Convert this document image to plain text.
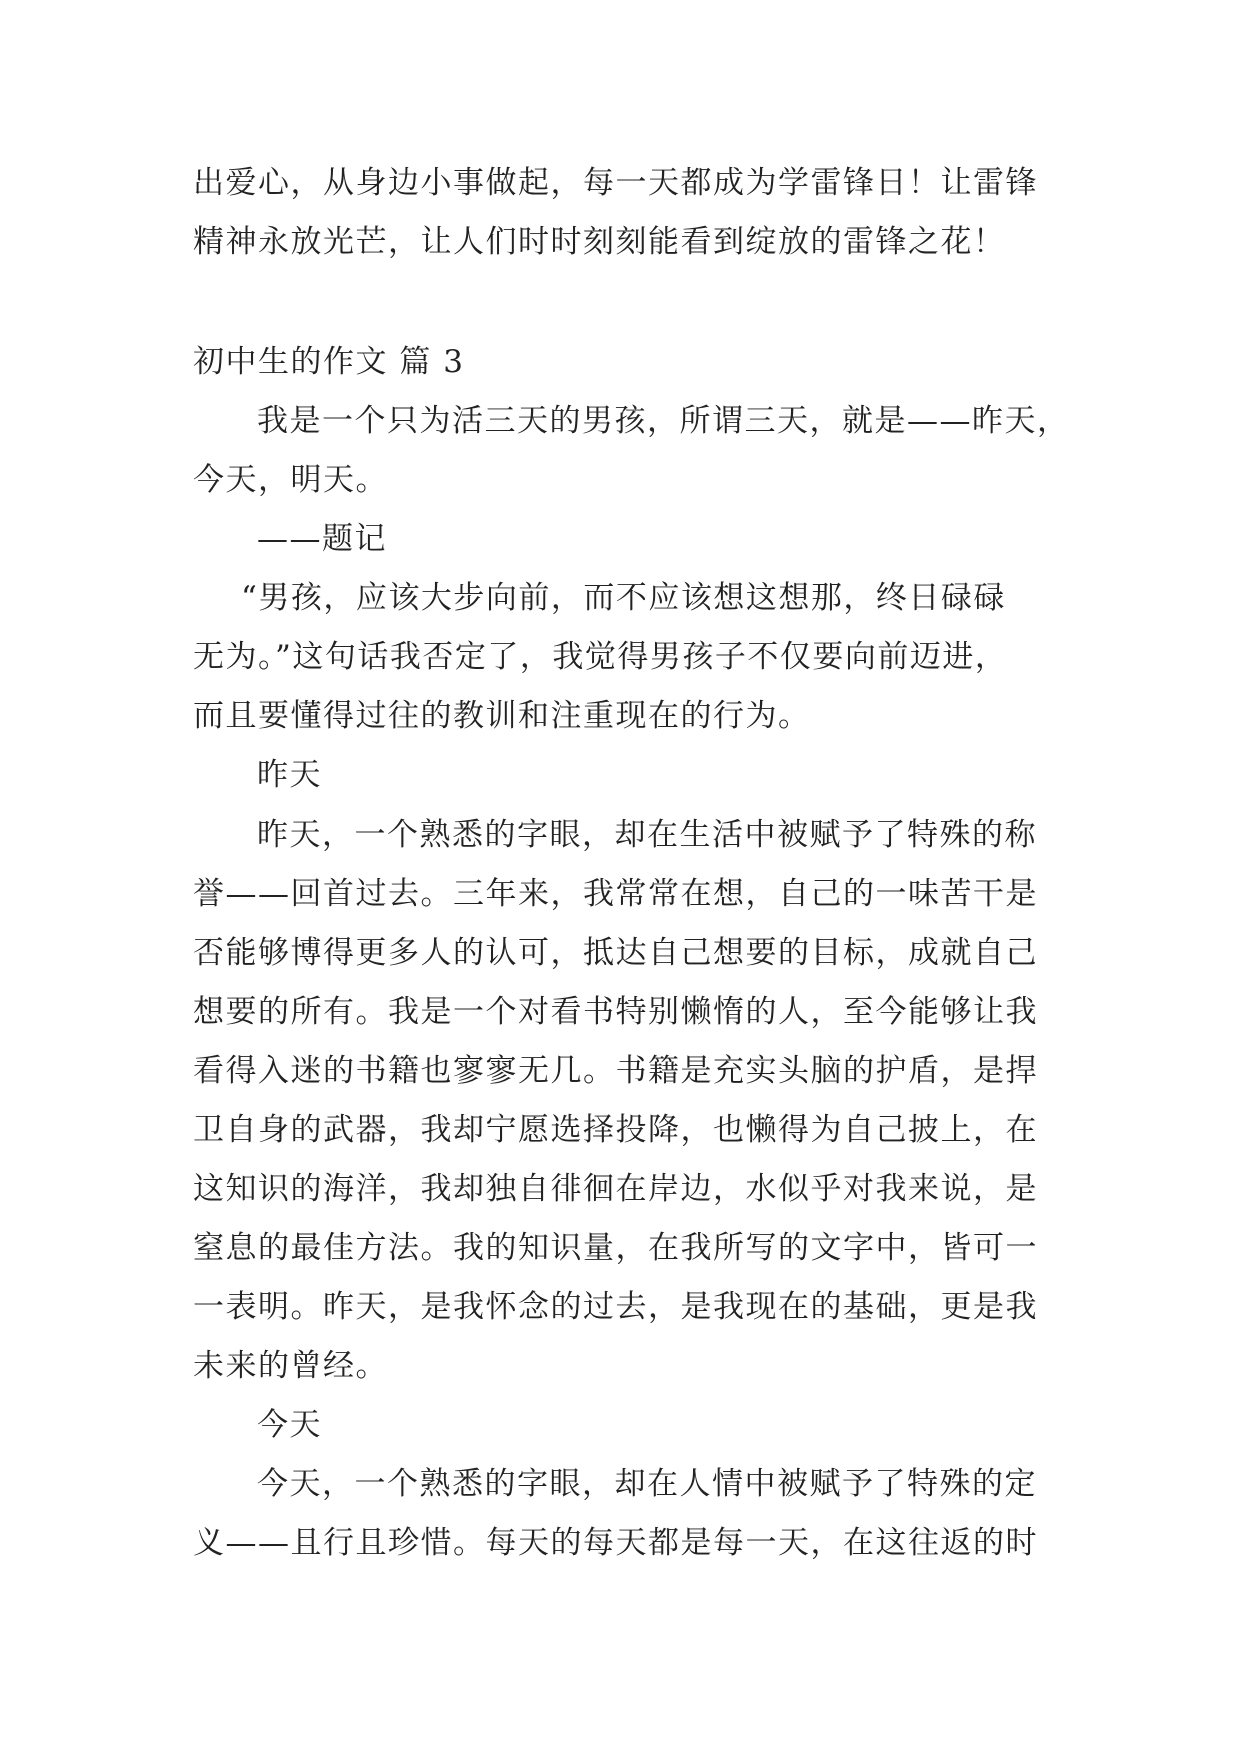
出爱心，从身边小事做起，每一天都成为学雷锋日！让雷锋
精神永放光芒，让人们时时刻刻能看到绽放的雷锋之花！
初中生的作文 篇 3
我是一个只为活三天的男孩，所谓三天，就是——昨天，
今天，明天。
——题记
“男孩，应该大步向前，而不应该想这想那，终日碌碌
无为。”这句话我否定了，我觉得男孩子不仅要向前迈进，
而且要懂得过往的教训和注重现在的行为。
昨天
昨天，一个熟悉的字眼，却在生活中被赋予了特殊的称
誉——回首过去。三年来，我常常在想，自己的一味苦干是
否能够博得更多人的认可，抵达自己想要的目标，成就自己
想要的所有。我是一个对看书特别懒惰的人，至今能够让我
看得入迷的书籍也寥寥无几。书籍是充实头脑的护盾，是捍
卫自身的武器，我却宁愿选择投降，也懒得为自己披上，在
这知识的海洋，我却独自徘徊在岸边，水似乎对我来说，是
窒息的最佳方法。我的知识量，在我所写的文字中，皆可一
一表明。昨天，是我怀念的过去，是我现在的基础，更是我
未来的曾经。
今天
今天，一个熟悉的字眼，却在人情中被赋予了特殊的定
义——且行且珍惜。每天的每天都是每一天，在这往返的时
